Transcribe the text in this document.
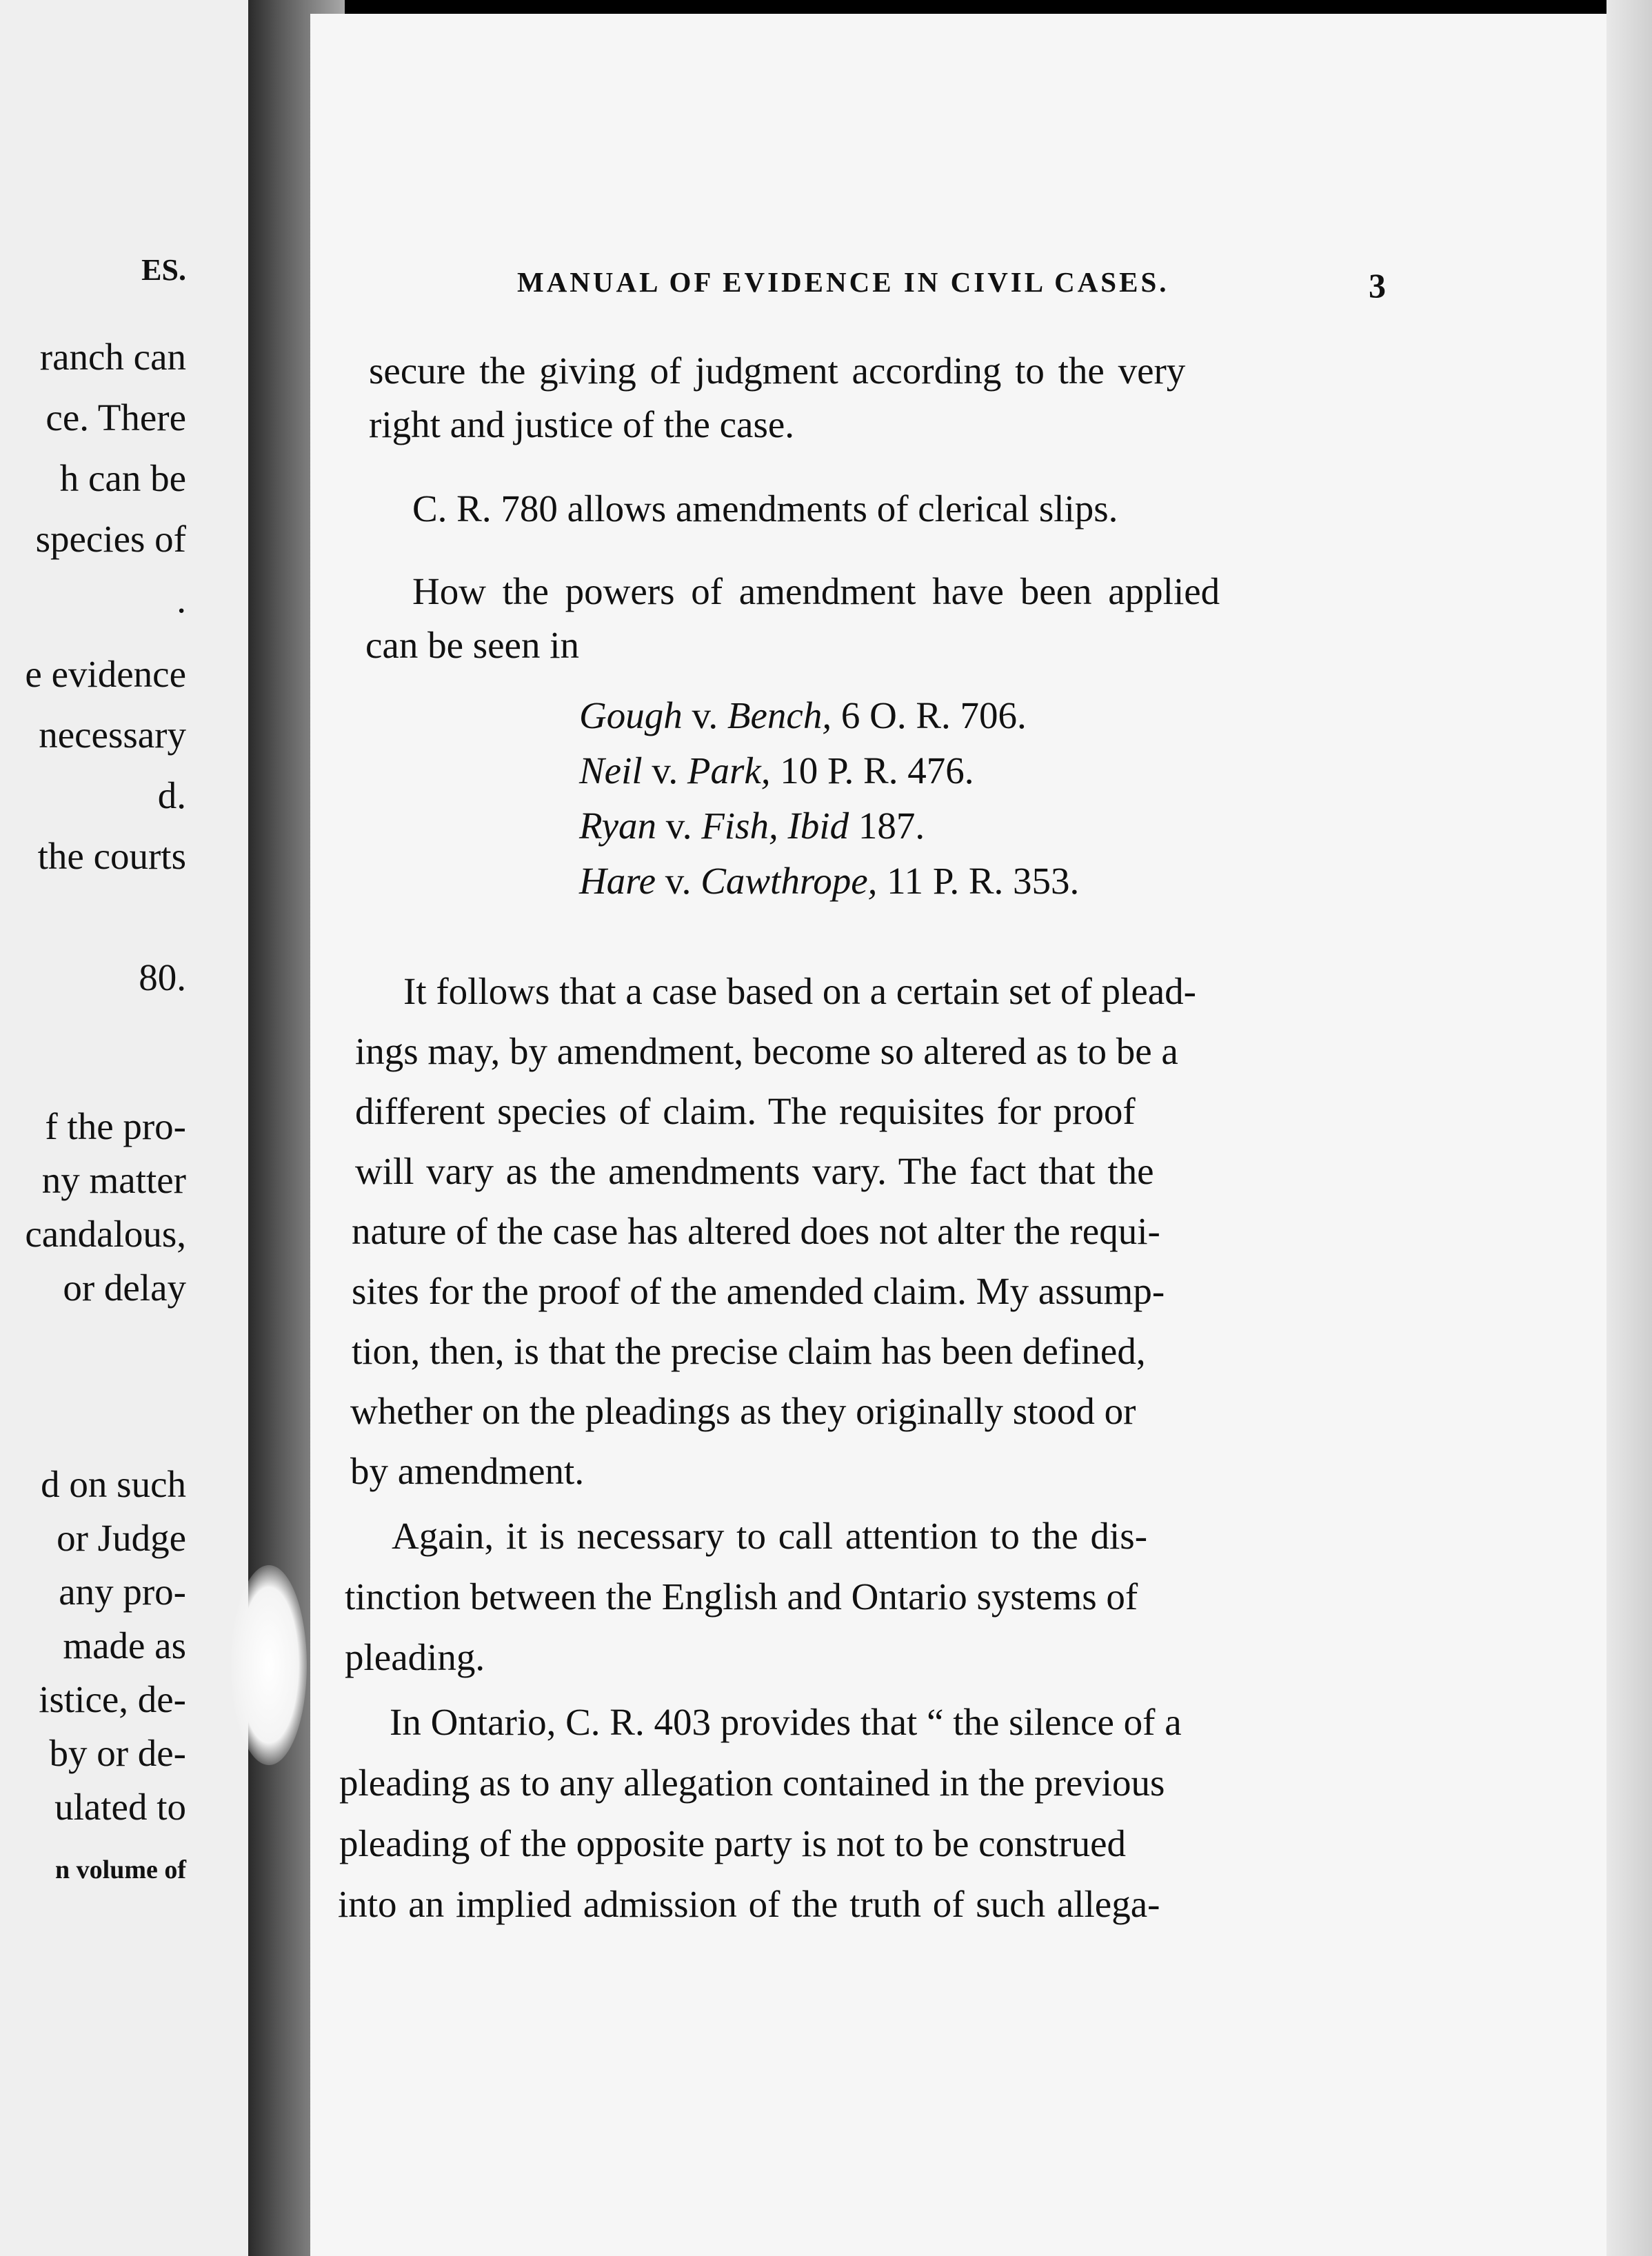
ES.
ranch can
ce. There
h can be
species of
.
e evidence
necessary
d.
the courts
80.
f the pro-
ny matter
candalous,
or delay
d on such
or Judge
any pro-
made as
istice, de-
by or de-
ulated to
n volume of
MANUAL OF EVIDENCE IN CIVIL CASES.	3
secure the giving of judgment according to the very
right and justice of the case.
C. R. 780 allows amendments of clerical slips.
How the powers of amendment have been applied
can be seen in
Gough v. Bench, 6 O. R. 706.
Neil v. Park, 10 P. R. 476.
Ryan v. Fish, Ibid 187.
Hare v. Cawthrope, 11 P. R. 353.
It follows that a case based on a certain set of plead-
ings may, by amendment, become so altered as to be a
different species of claim. The requisites for proof
will vary as the amendments vary. The fact that the
nature of the case has altered does not alter the requi-
sites for the proof of the amended claim. My assump-
tion, then, is that the precise claim has been defined,
whether on the pleadings as they originally stood or
by amendment.
Again, it is necessary to call attention to the dis-
tinction between the English and Ontario systems of
pleading.
In Ontario, C. R. 403 provides that “ the silence of a
pleading as to any allegation contained in the previous
pleading of the opposite party is not to be construed
into an implied admission of the truth of such allega-
